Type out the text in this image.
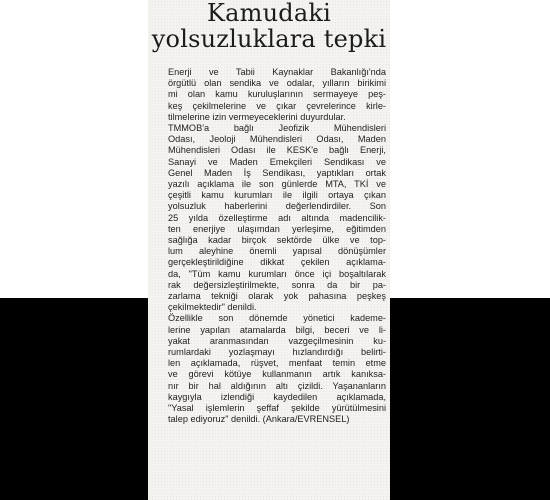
Kamudaki
yolsuzluklara tepki

Enerji ve Tabii Kaynaklar Bakanlığı'nda
örgütlü olan sendika ve odalar, yılların birikimi
mi olan kamu kuruluşlarının sermayeye peş-
keş çekilmelerine ve çıkar çevrelerince kirle-
tilmelerine izin vermeyeceklerini duyurdular.

TMMOB'a bağlı Jeofizik Mühendisleri
Odası, Jeoloji Mühendisleri Odası, Maden
Mühendisleri Odası ile KESK'e bağlı Enerji,
Sanayi ve Maden Emekçileri Sendikası ve
Genel Maden İş Sendikası, yaptıkları ortak
yazılı açıklama ile son günlerde MTA, TKİ ve
çeşitli kamu kurumları ile ilgili ortaya çıkan
yolsuzluk haberlerini değerlendirdiler. Son
25 yılda özelleştirme adı altında madencilik-
ten enerjiye ulaşımdan yerleşime, eğitimden
sağlığa kadar birçok sektörde ülke ve top-
lum aleyhine önemli yapısal dönüşümler
gerçekleştirildiğine dikkat çekilen açıklama-
da, "Tüm kamu kurumları önce içi boşaltılarak
rak değersizleştirilmekte, sonra da bir pa-
zarlama tekniği olarak yok pahasına peşkeş
çekilmektedir" denildi.

Özellikle son dönemde yönetici kademe-
lerine yapılan atamalarda bilgi, beceri ve li-
yakat aranmasından vazgeçilmesinin ku-
rumlardaki yozlaşmayı hızlandırdığı belirti-
len açıklamada, rüşvet, menfaat temin etme
ve görevi kötüye kullanmanın artık kanıksa-
nır bir hal aldığının altı çizildi. Yaşananların
kaygıyla izlendiği kaydedilen açıklamada,
"Yasal işlemlerin şeffaf şekilde yürütülmesini
talep ediyoruz" denildi. (Ankara/EVRENSEL)
